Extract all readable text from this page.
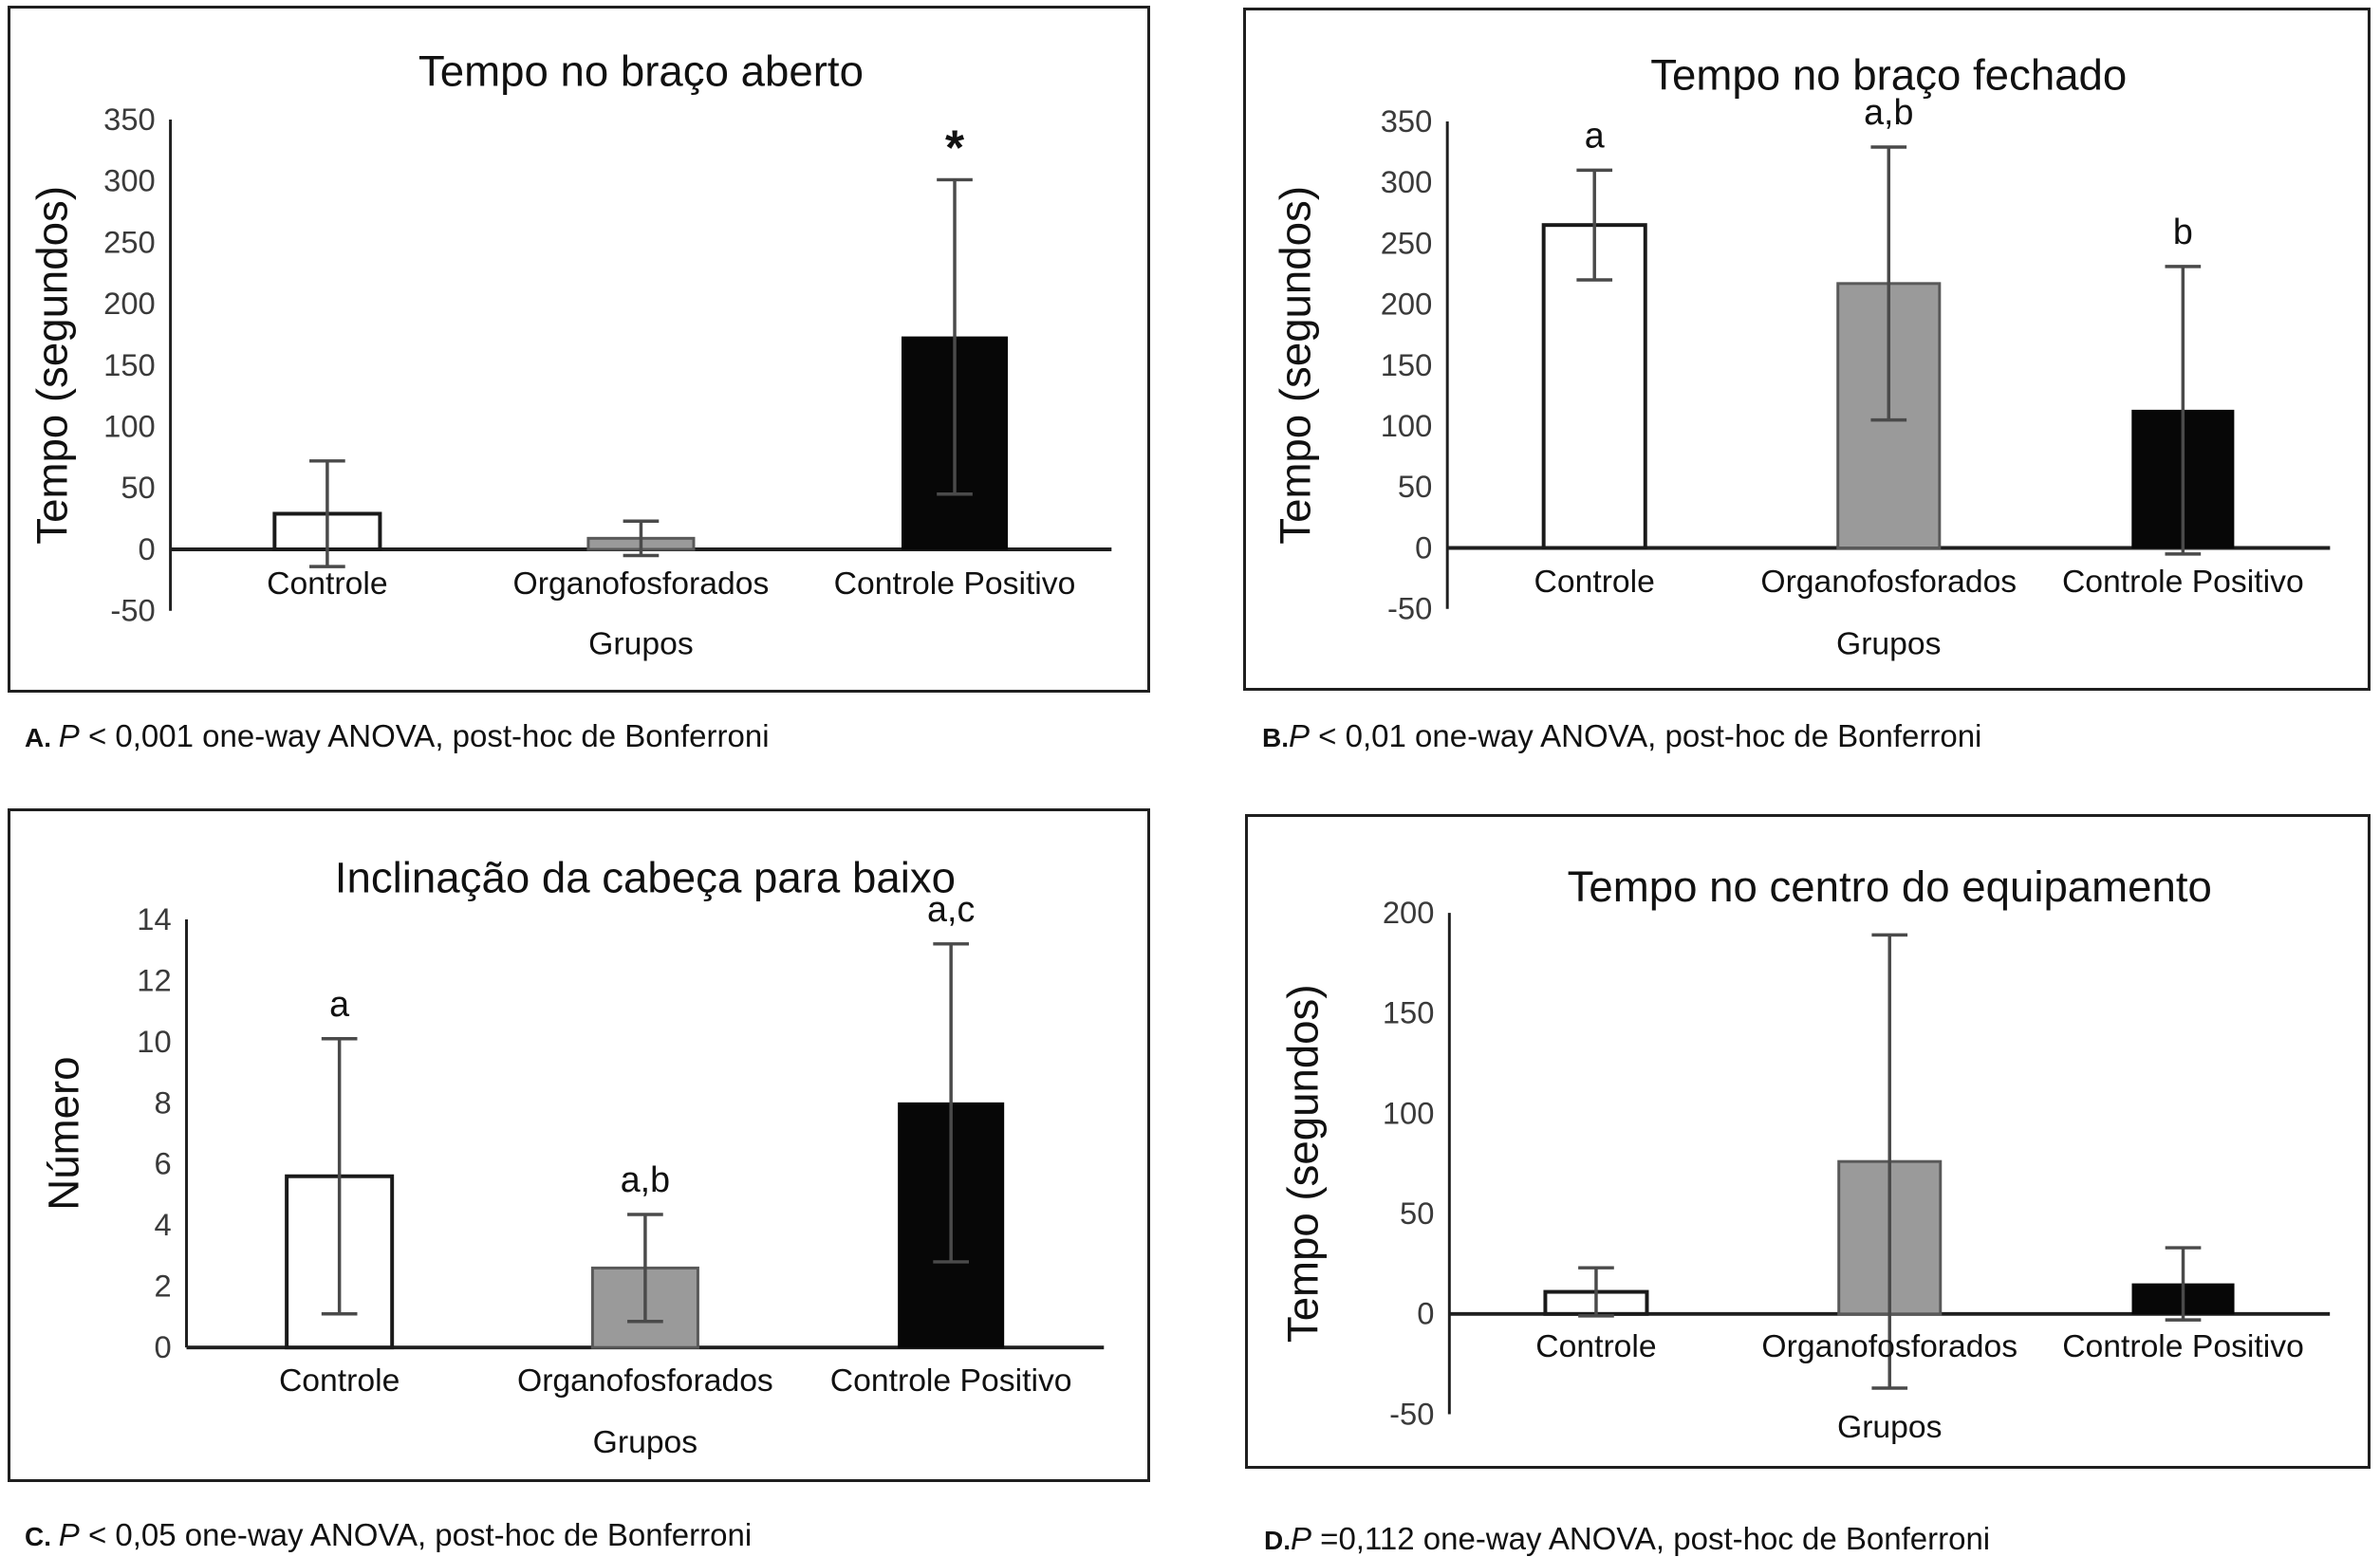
Tempo no braço aberto
Tempo (segundos)
350
300
250
200
150
100
50
0
-50
Controle	Organofosforados
*
Controle Positivo
Grupos
Tempo no braço fechado
Tempo (segundos)
350
300
250
200
150
100
50
0
-50
a
Controle
a,b
Organofosforados
b
Controle Positivo
Grupos
Inclinação da cabeça para baixo
Número
14
12
10
8
6
4
2
0
a
Controle
a,b
Organofosforados
a,c
Controle Positivo
Grupos
Tempo no centro do equipamento
Tempo (segundos)
200
150
100
50
0
-50
Controle	Organofosforados Controle Positivo
Grupos

A. P < 0,001 one-way ANOVA, post-hoc de Bonferroni	B.P < 0,01 one-way ANOVA, post-hoc de Bonferroni

C. P < 0,05 one-way ANOVA, post-hoc de Bonferroni	D.P =0,112 one-way ANOVA, post-hoc de Bonferroni
